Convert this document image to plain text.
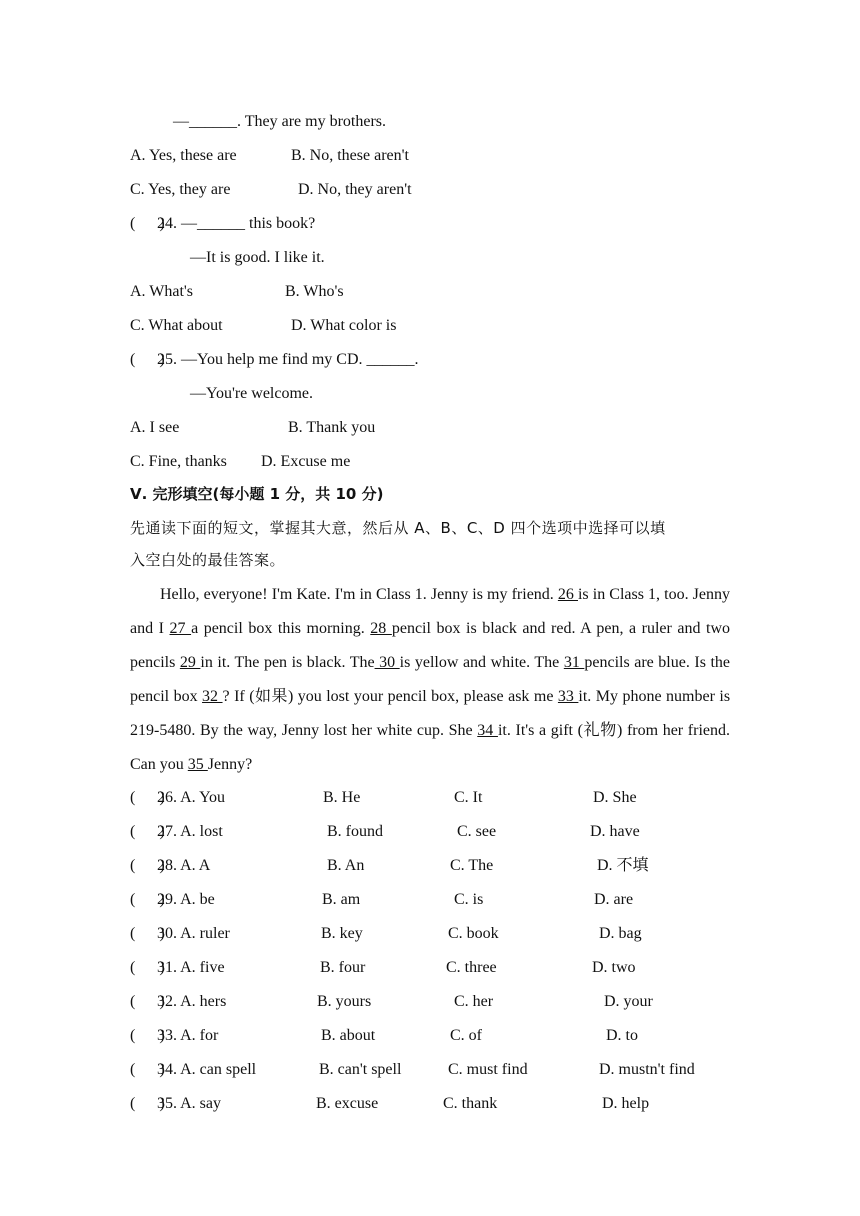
—______. They are my brothers.
A. Yes, these are	B. No, these aren't
C. Yes, they are	D. No, they aren't
(      )
24. —______ this book?
—It is good. I like it.
A. What's	B. Who's
C. What about	D. What color is
(      )
25. —You help me find my CD. ______.
—You're welcome.
A. I see	B. Thank you
C. Fine, thanks D. Excuse me
Ⅴ. 完形填空(每小题 1 分，共 10 分)
先通读下面的短文，掌握其大意，然后从 A、B、C、D 四个选项中选择可以填
入空白处的最佳答案。
Hello, everyone! I'm Kate. I'm in Class 1. Jenny is my friend. 26 is in Class 1, too. Jenny and I 27 a pencil box this morning. 28 pencil box is black and red. A pen, a ruler and two pencils 29 in it. The pen is black. The 30 is yellow and white. The 31 pencils are blue. Is the pencil box 32 ? If (如果) you lost your pencil box, please ask me 33 it. My phone number is 219-5480. By the way, Jenny lost her white cup. She 34 it. It's a gift (礼物) from her friend. Can you 35 Jenny?
(      )
26. A. You	B. He	C. It	D. She
(      )
27. A. lost	B. found	C. see	D. have
(      )
28. A. A	B. An	C. The	D. 不填
(      )
29. A. be	B. am	C. is	D. are
(      )
30. A. ruler	B. key	C. book	D. bag
(      )
31. A. five	B. four	C. three	D. two
(      )
32. A. hers	B. yours	C. her	D. your
(      )
33. A. for	B. about	C. of	D. to
(      )
34. A. can spell	B. can't spell	C. must find	D. mustn't find
(      )
35. A. say	B. excuse	C. thank	D. help
